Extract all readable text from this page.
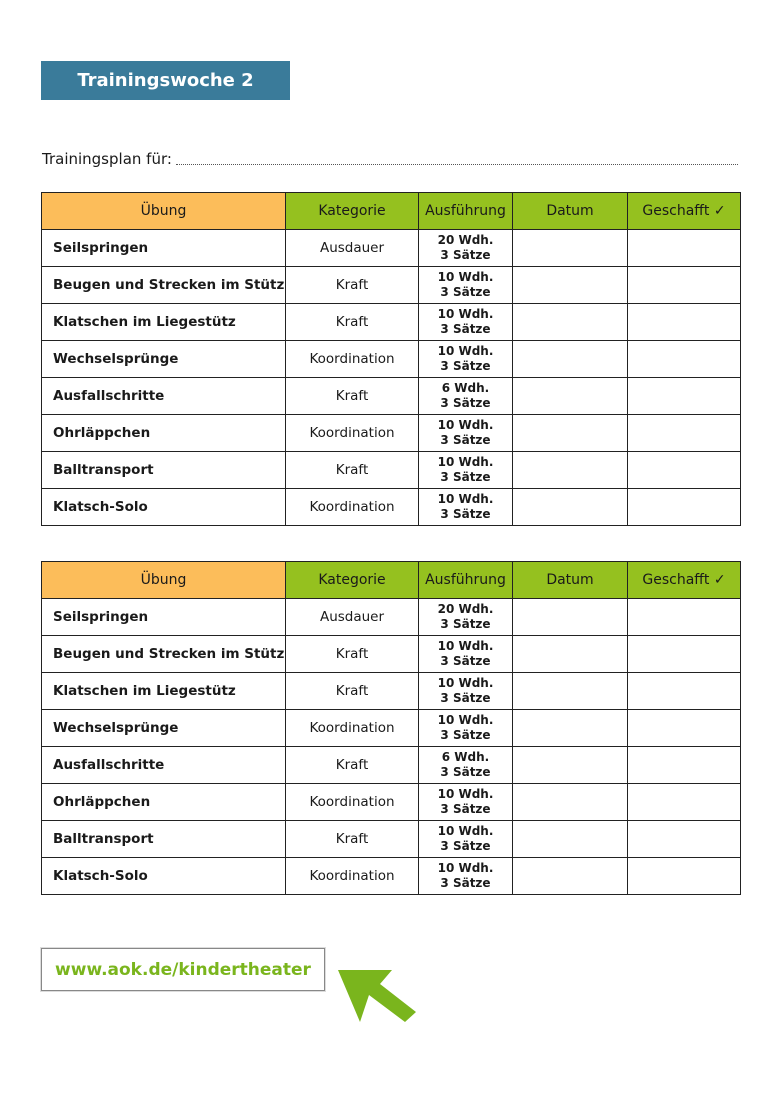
Trainingswoche 2
Trainingsplan für:
Übung	Kategorie	Ausführung	Datum	Geschafft ✓
Seilspringen	Ausdauer	20 Wdh.
3 Sätze		

Beugen und Strecken im Stütz	Kraft	10 Wdh.
3 Sätze		

Klatschen im Liegestütz	Kraft	10 Wdh.
3 Sätze		

Wechselsprünge	Koordination	10 Wdh.
3 Sätze		

Ausfallschritte	Kraft	6 Wdh.
3 Sätze		

Ohrläppchen	Koordination	10 Wdh.
3 Sätze		

Balltransport	Kraft	10 Wdh.
3 Sätze		

Klatsch-Solo	Koordination	10 Wdh.
3 Sätze		

Übung	Kategorie	Ausführung	Datum	Geschafft ✓
Seilspringen	Ausdauer	20 Wdh.
3 Sätze		

Beugen und Strecken im Stütz	Kraft	10 Wdh.
3 Sätze		

Klatschen im Liegestütz	Kraft	10 Wdh.
3 Sätze		

Wechselsprünge	Koordination	10 Wdh.
3 Sätze		

Ausfallschritte	Kraft	6 Wdh.
3 Sätze		

Ohrläppchen	Koordination	10 Wdh.
3 Sätze		

Balltransport	Kraft	10 Wdh.
3 Sätze		

Klatsch-Solo	Koordination	10 Wdh.
3 Sätze		

www.aok.de/kindertheater
